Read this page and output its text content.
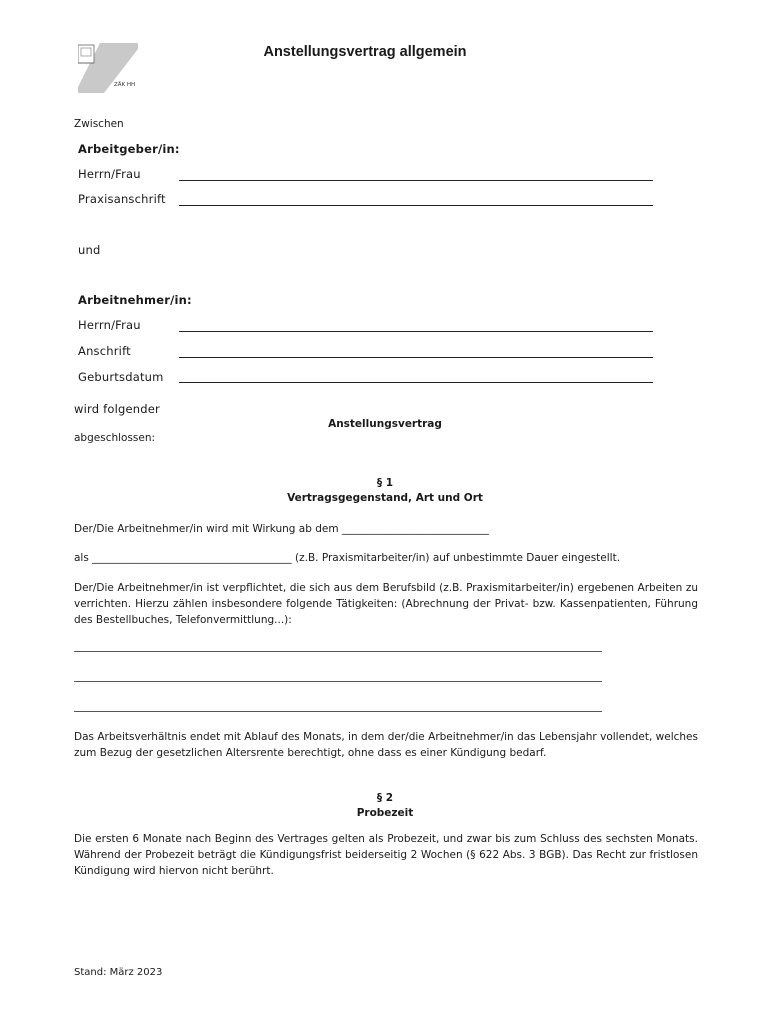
ZÄK HH
Anstellungsvertrag allgemein
Zwischen
Arbeitgeber/in:
Herrn/Frau
Praxisanschrift
und
Arbeitnehmer/in:
Herrn/Frau
Anschrift
Geburtsdatum
wird folgender
Anstellungsvertrag
abgeschlossen:
§ 1
Vertragsgegenstand, Art und Ort
Der/Die Arbeitnehmer/in wird mit Wirkung ab dem ____________________________
als ______________________________________ (z.B. Praxismitarbeiter/in) auf unbestimmte Dauer eingestellt.
Der/Die Arbeitnehmer/in ist verpflichtet, die sich aus dem Berufsbild (z.B. Praxismitarbeiter/in) ergebenen Arbeiten zu verrichten. Hierzu zählen insbesondere folgende Tätigkeiten: (Abrechnung der Privat- bzw. Kassenpatienten, Führung des Bestellbuches, Telefonvermittlung...):
Das Arbeitsverhältnis endet mit Ablauf des Monats, in dem der/die Arbeitnehmer/in das Lebensjahr vollendet, welches zum Bezug der gesetzlichen Altersrente berechtigt, ohne dass es einer Kündigung bedarf.
§ 2
Probezeit
Die ersten 6 Monate nach Beginn des Vertrages gelten als Probezeit, und zwar bis zum Schluss des sechsten Monats. Während der Probezeit beträgt die Kündigungsfrist beiderseitig 2 Wochen (§ 622 Abs. 3 BGB). Das Recht zur fristlosen Kündigung wird hiervon nicht berührt.
Stand: März 2023
